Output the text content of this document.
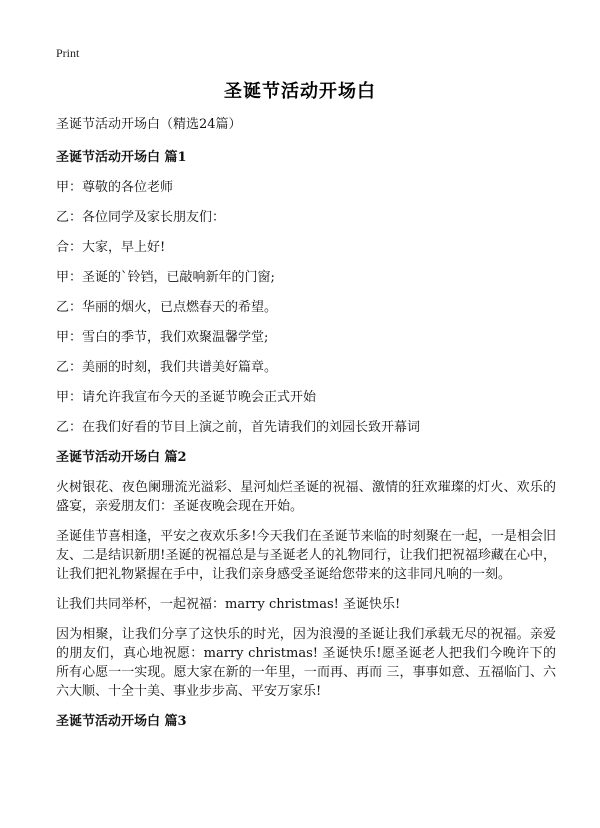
Print
圣诞节活动开场白
圣诞节活动开场白（精选24篇）
圣诞节活动开场白 篇1
甲：尊敬的各位老师
乙：各位同学及家长朋友们：
合：大家，早上好!
甲：圣诞的`铃铛，已敲响新年的门窗;
乙：华丽的烟火，已点燃春天的希望。
甲：雪白的季节，我们欢聚温馨学堂;
乙：美丽的时刻，我们共谱美好篇章。
甲：请允许我宣布今天的圣诞节晚会正式开始
乙：在我们好看的节目上演之前，首先请我们的刘园长致开幕词
圣诞节活动开场白 篇2
火树银花、夜色阑珊流光溢彩、星河灿烂圣诞的祝福、激情的狂欢璀璨的灯火、欢乐的盛宴，亲爱朋友们：圣诞夜晚会现在开始。
圣诞佳节喜相逢，平安之夜欢乐多!今天我们在圣诞节来临的时刻聚在一起，一是相会旧友、二是结识新朋!圣诞的祝福总是与圣诞老人的礼物同行，让我们把祝福珍藏在心中，让我们把礼物紧握在手中，让我们亲身感受圣诞给您带来的这非同凡响的一刻。
让我们共同举杯，一起祝福：marry christmas! 圣诞快乐!
因为相聚，让我们分享了这快乐的时光，因为浪漫的圣诞让我们承载无尽的祝福。亲爱的朋友们，真心地祝愿：marry christmas! 圣诞快乐!愿圣诞老人把我们今晚许下的所有心愿一一实现。愿大家在新的一年里，一而再、再而 三，事事如意、五福临门、六六大顺、十全十美、事业步步高、平安万家乐!
圣诞节活动开场白 篇3
